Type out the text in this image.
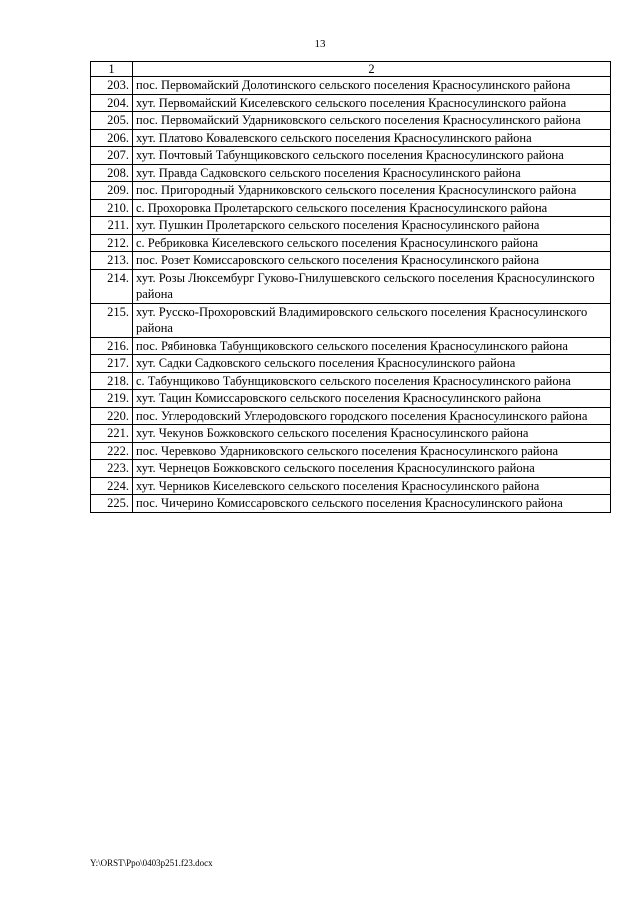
13
1	2
203.	пос. Первомайский Долотинского сельского поселения Красносулинского района
204.	хут. Первомайский Киселевского сельского поселения Красносулинского района
205.	пос. Первомайский Ударниковского сельского поселения Красносулинского района
206.	хут. Платово Ковалевского сельского поселения Красносулинского района
207.	хут. Почтовый Табунщиковского сельского поселения Красносулинского района
208.	хут. Правда Садковского сельского поселения Красносулинского района
209.	пос. Пригородный Ударниковского сельского поселения Красносулинского района
210.	с. Прохоровка Пролетарского сельского поселения Красносулинского района
211.	хут. Пушкин Пролетарского сельского поселения Красносулинского района
212.	с. Ребриковка Киселевского сельского поселения Красносулинского района
213.	пос. Розет Комиссаровского сельского поселения Красносулинского района
214.	хут. Розы Люксембург Гуково-Гнилушевского сельского поселения Красносулинского района
215.	хут. Русско-Прохоровский Владимировского сельского поселения Красносулинского района
216.	пос. Рябиновка Табунщиковского сельского поселения Красносулинского района
217.	хут. Садки Садковского сельского поселения Красносулинского района
218.	с. Табунщиково Табунщиковского сельского поселения Красносулинского района
219.	хут. Тацин Комиссаровского сельского поселения Красносулинского района
220.	пос. Углеродовский Углеродовского городского поселения Красносулинского района
221.	хут. Чекунов Божковского сельского поселения Красносулинского района
222.	пос. Черевково Ударниковского сельского поселения Красносулинского района
223.	хут. Чернецов Божковского сельского поселения Красносулинского района
224.	хут. Черников Киселевского сельского поселения Красносулинского района
225.	пос. Чичерино Комиссаровского сельского поселения Красносулинского района
Y:\ORST\Ppo\0403p251.f23.docx
